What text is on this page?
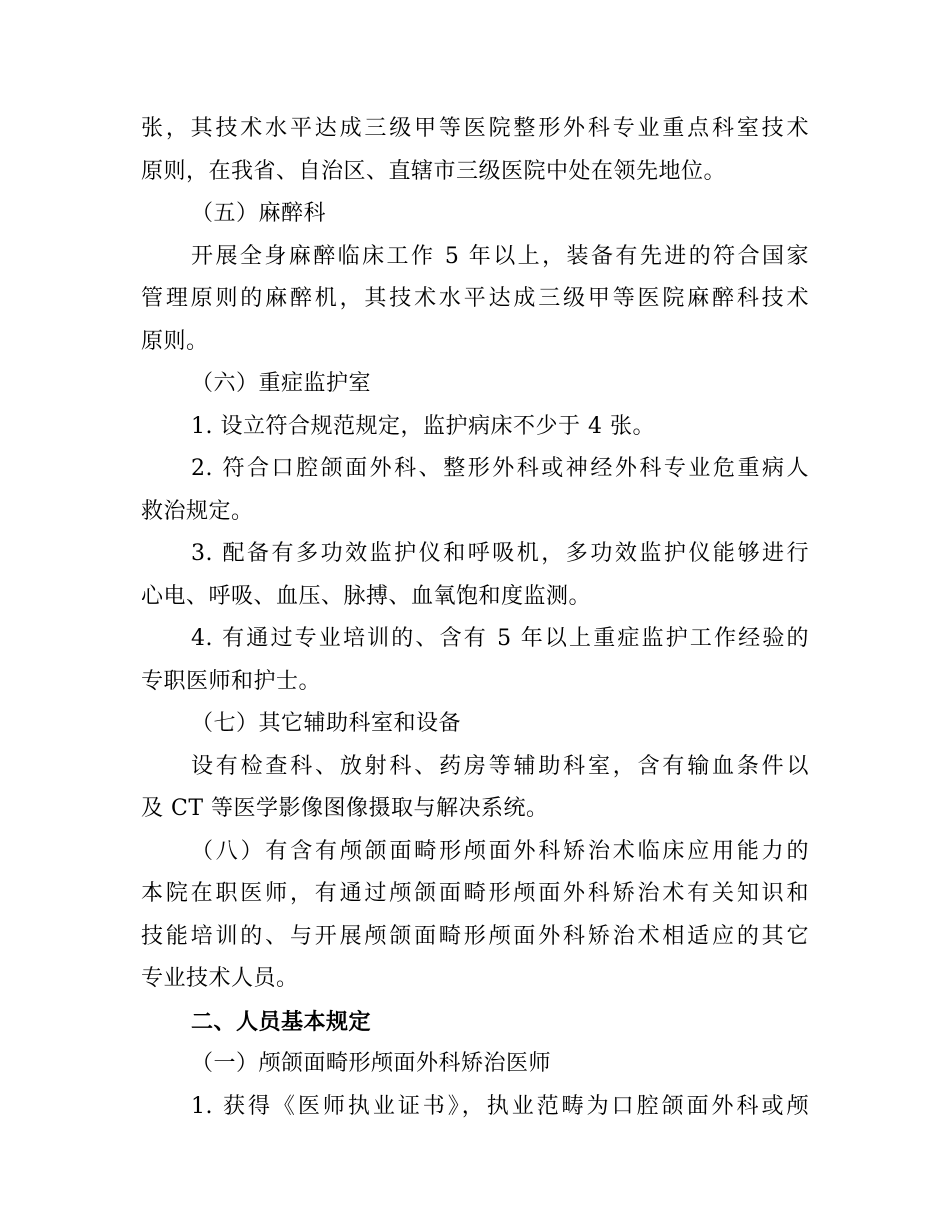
张，其技术水平达成三级甲等医院整形外科专业重点科室技术
原则，在我省、自治区、直辖市三级医院中处在领先地位。
（五）麻醉科
开展全身麻醉临床工作 5 年以上，装备有先进的符合国家
管理原则的麻醉机，其技术水平达成三级甲等医院麻醉科技术
原则。
（六）重症监护室
1. 设立符合规范规定，监护病床不少于 4 张。
2. 符合口腔颌面外科、整形外科或神经外科专业危重病人
救治规定。
3. 配备有多功效监护仪和呼吸机，多功效监护仪能够进行
心电、呼吸、血压、脉搏、血氧饱和度监测。
4. 有通过专业培训的、含有 5 年以上重症监护工作经验的
专职医师和护士。
（七）其它辅助科室和设备
设有检查科、放射科、药房等辅助科室，含有输血条件以
及 CT 等医学影像图像摄取与解决系统。
（八）有含有颅颌面畸形颅面外科矫治术临床应用能力的
本院在职医师，有通过颅颌面畸形颅面外科矫治术有关知识和
技能培训的、与开展颅颌面畸形颅面外科矫治术相适应的其它
专业技术人员。
二、人员基本规定
（一）颅颌面畸形颅面外科矫治医师
1. 获得《医师执业证书》，执业范畴为口腔颌面外科或颅
